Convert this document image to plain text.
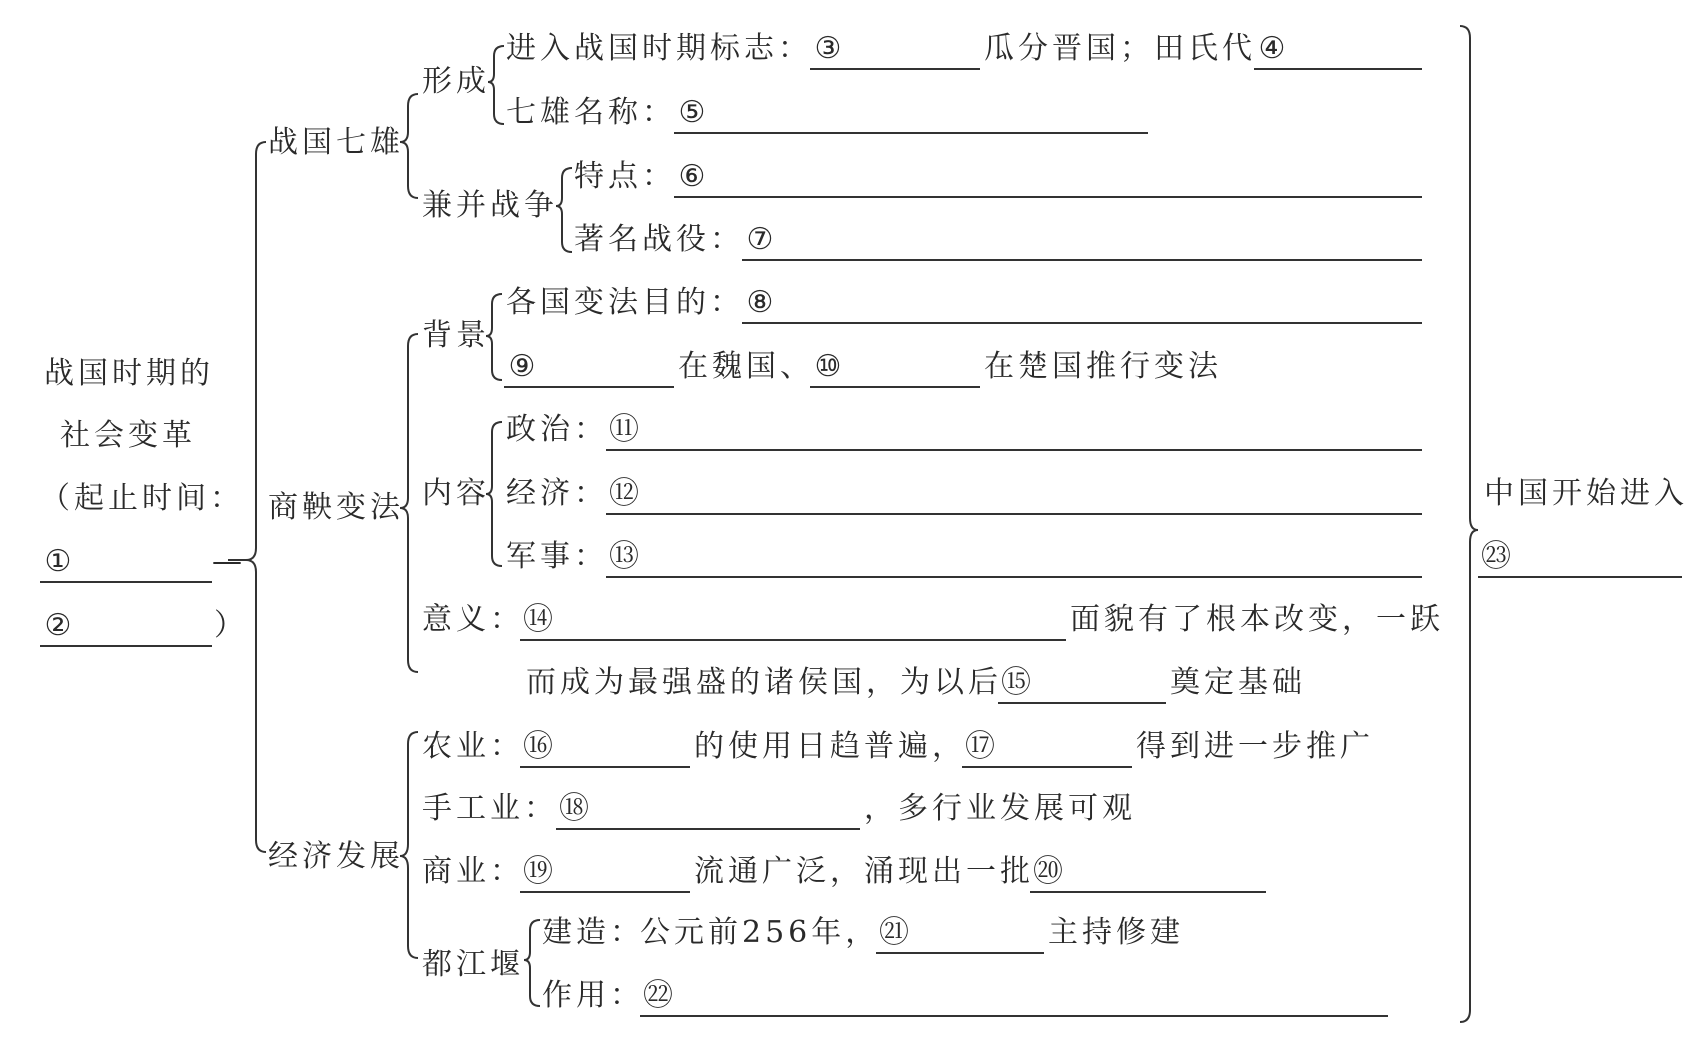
战国时期的
社会变革
（起止时间：
①	—
②	）
战国七雄
商鞅变法
经济发展
形成
兼并战争
进入战国时期标志： ③	瓜分晋国；田氏代 ④
七雄名称： ⑤
特点： ⑥
著名战役： ⑦
背景
内容
各国变法目的： ⑧
⑨	在魏国、 ⑩	在楚国推行变法
政治： ⑪
经济： ⑫
军事： ⑬
意义： ⑭	面貌有了根本改变，一跃
而成为最强盛的诸侯国，为以后 ⑮	奠定基础
农业： ⑯	的使用日趋普遍， ⑰	得到进一步推广
手工业： ⑱	，多行业发展可观
商业： ⑲	流通广泛，涌现出一批 ⑳
都江堰
建造：
公元前256年， ㉑	主持修建
作用： ㉒
中国开始进入
㉓
